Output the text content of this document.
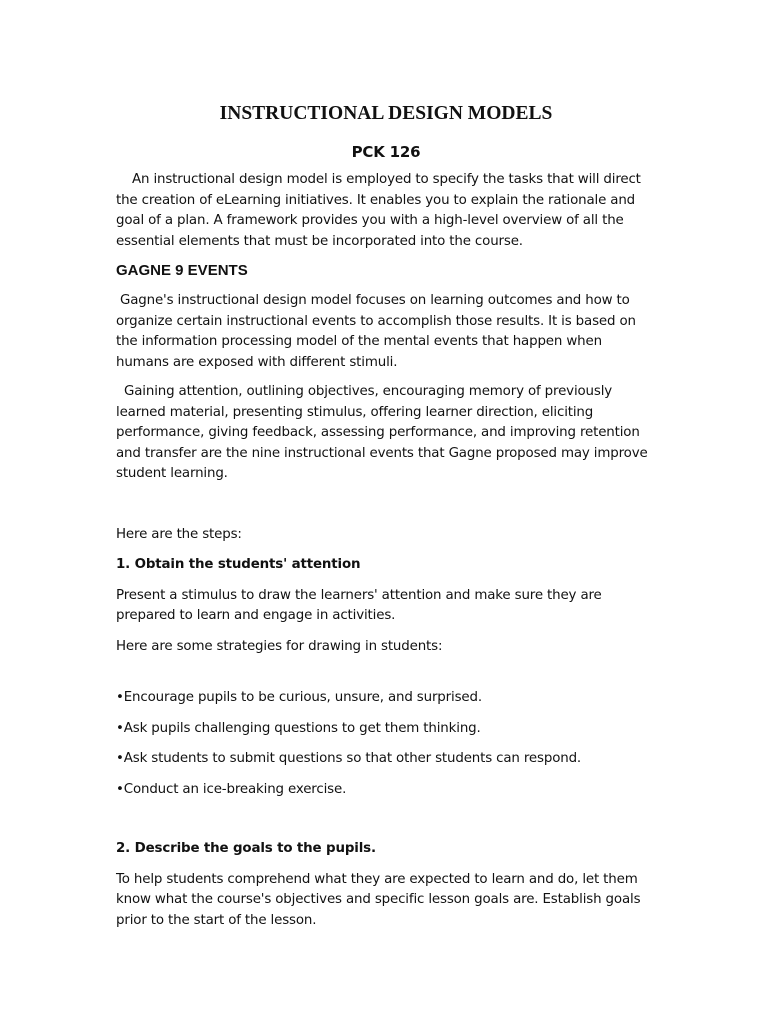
INSTRUCTIONAL DESIGN MODELS
PCK 126

An instructional design model is employed to specify the tasks that will direct the creation of eLearning initiatives. It enables you to explain the rationale and goal of a plan. A framework provides you with a high-level overview of all the essential elements that must be incorporated into the course.

GAGNE 9 EVENTS

Gagne's instructional design model focuses on learning outcomes and how to organize certain instructional events to accomplish those results. It is based on the information processing model of the mental events that happen when humans are exposed with different stimuli.

Gaining attention, outlining objectives, encouraging memory of previously learned material, presenting stimulus, offering learner direction, eliciting performance, giving feedback, assessing performance, and improving retention and transfer are the nine instructional events that Gagne proposed may improve student learning.

Here are the steps:

1. Obtain the students' attention

Present a stimulus to draw the learners' attention and make sure they are prepared to learn and engage in activities.

Here are some strategies for drawing in students:

•Encourage pupils to be curious, unsure, and surprised.

•Ask pupils challenging questions to get them thinking.

•Ask students to submit questions so that other students can respond.

•Conduct an ice-breaking exercise.

2. Describe the goals to the pupils.

To help students comprehend what they are expected to learn and do, let them know what the course's objectives and specific lesson goals are. Establish goals prior to the start of the lesson.
